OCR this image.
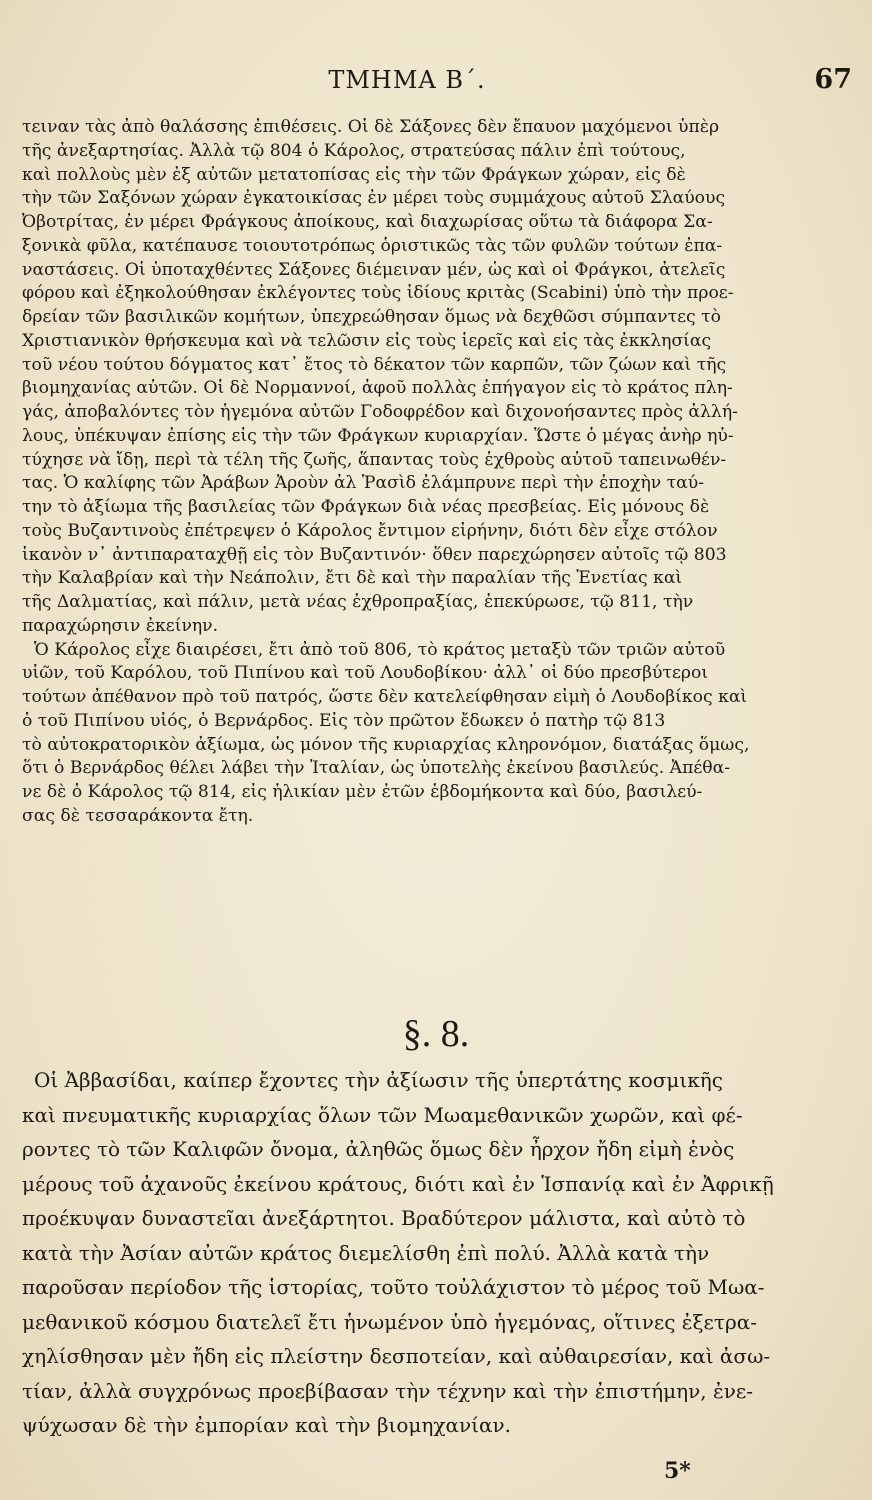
ΤΜΗΜΑ Β΄.	67

τειναν τὰς ἀπὸ θαλάσσης ἐπιθέσεις. Οἱ δὲ Σάξονες δὲν ἔπαυον μαχόμενοι ὑπὲρ

τῆς ἀνεξαρτησίας. Ἀλλὰ τῷ 804 ὁ Κάρολος, στρατεύσας πάλιν ἐπὶ τούτους,

καὶ πολλοὺς μὲν ἐξ αὐτῶν μετατοπίσας εἰς τὴν τῶν Φράγκων χώραν, εἰς δὲ

τὴν τῶν Σαξόνων χώραν ἐγκατοικίσας ἐν μέρει τοὺς συμμάχους αὐτοῦ Σλαύους

Ὀβοτρίτας, ἐν μέρει Φράγκους ἀποίκους, καὶ διαχωρίσας οὕτω τὰ διάφορα Σα-

ξονικὰ φῦλα, κατέπαυσε τοιουτοτρόπως ὁριστικῶς τὰς τῶν φυλῶν τούτων ἐπα-

ναστάσεις. Οἱ ὑποταχθέντες Σάξονες διέμειναν μέν, ὡς καὶ οἱ Φράγκοι, ἀτελεῖς

φόρου καὶ ἐξηκολούθησαν ἐκλέγοντες τοὺς ἰδίους κριτὰς (Scabini) ὑπὸ τὴν προε-

δρείαν τῶν βασιλικῶν κομήτων, ὑπεχρεώθησαν ὅμως νὰ δεχθῶσι σύμπαντες τὸ

Χριστιανικὸν θρήσκευμα καὶ νὰ τελῶσιν εἰς τοὺς ἱερεῖς καὶ εἰς τὰς ἐκκλησίας

τοῦ νέου τούτου δόγματος κατ᾽ ἔτος τὸ δέκατον τῶν καρπῶν, τῶν ζώων καὶ τῆς

βιομηχανίας αὐτῶν. Οἱ δὲ Νορμαννοί, ἀφοῦ πολλὰς ἐπήγαγον εἰς τὸ κράτος πλη-

γάς, ἀποβαλόντες τὸν ἡγεμόνα αὐτῶν Γοδοφρέδον καὶ διχονοήσαντες πρὸς ἀλλή-

λους, ὑπέκυψαν ἐπίσης εἰς τὴν τῶν Φράγκων κυριαρχίαν. Ὥστε ὁ μέγας ἀνὴρ ηὐ-

τύχησε νὰ ἴδῃ, περὶ τὰ τέλη τῆς ζωῆς, ἅπαντας τοὺς ἐχθροὺς αὐτοῦ ταπεινωθέν-

τας. Ὁ καλίφης τῶν Ἀράβων Ἀροὺν ἀλ Ῥασὶδ ἐλάμπρυνε περὶ τὴν ἐποχὴν ταύ-

την τὸ ἀξίωμα τῆς βασιλείας τῶν Φράγκων διὰ νέας πρεσβείας. Εἰς μόνους δὲ

τοὺς Βυζαντινοὺς ἐπέτρεψεν ὁ Κάρολος ἔντιμον εἰρήνην, διότι δὲν εἶχε στόλον

ἱκανὸν ν᾽ ἀντιπαραταχθῇ εἰς τὸν Βυζαντινόν· ὅθεν παρεχώρησεν αὐτοῖς τῷ 803

τὴν Καλαβρίαν καὶ τὴν Νεάπολιν, ἔτι δὲ καὶ τὴν παραλίαν τῆς Ἑνετίας καὶ

τῆς Δαλματίας, καὶ πάλιν, μετὰ νέας ἐχθροπραξίας, ἐπεκύρωσε, τῷ 811, τὴν

παραχώρησιν ἐκείνην.

Ὁ Κάρολος εἶχε διαιρέσει, ἔτι ἀπὸ τοῦ 806, τὸ κράτος μεταξὺ τῶν τριῶν αὐτοῦ

υἱῶν, τοῦ Καρόλου, τοῦ Πιπίνου καὶ τοῦ Λουδοβίκου· ἀλλ᾽ οἱ δύο πρεσβύτεροι

τούτων ἀπέθανον πρὸ τοῦ πατρός, ὥστε δὲν κατελείφθησαν εἰμὴ ὁ Λουδοβίκος καὶ

ὁ τοῦ Πιπίνου υἱός, ὁ Βερνάρδος. Εἰς τὸν πρῶτον ἔδωκεν ὁ πατὴρ τῷ 813

τὸ αὐτοκρατορικὸν ἀξίωμα, ὡς μόνον τῆς κυριαρχίας κληρονόμον, διατάξας ὅμως,

ὅτι ὁ Βερνάρδος θέλει λάβει τὴν Ἰταλίαν, ὡς ὑποτελὴς ἐκείνου βασιλεύς. Ἀπέθα-

νε δὲ ὁ Κάρολος τῷ 814, εἰς ἡλικίαν μὲν ἐτῶν ἑβδομήκοντα καὶ δύο, βασιλεύ-

σας δὲ τεσσαράκοντα ἔτη.

§. 8.

Οἱ Ἀββασίδαι, καίπερ ἔχοντες τὴν ἀξίωσιν τῆς ὑπερτάτης κοσμικῆς

καὶ πνευματικῆς κυριαρχίας ὅλων τῶν Μωαμεθανικῶν χωρῶν, καὶ φέ-

ροντες τὸ τῶν Καλιφῶν ὄνομα, ἀληθῶς ὅμως δὲν ἦρχον ἤδη εἰμὴ ἑνὸς

μέρους τοῦ ἀχανοῦς ἐκείνου κράτους, διότι καὶ ἐν Ἱσπανίᾳ καὶ ἐν Ἀφρικῇ

προέκυψαν δυναστεῖαι ἀνεξάρτητοι. Βραδύτερον μάλιστα, καὶ αὐτὸ τὸ

κατὰ τὴν Ἀσίαν αὐτῶν κράτος διεμελίσθη ἐπὶ πολύ. Ἀλλὰ κατὰ τὴν

παροῦσαν περίοδον τῆς ἱστορίας, τοῦτο τοὐλάχιστον τὸ μέρος τοῦ Μωα-

μεθανικοῦ κόσμου διατελεῖ ἔτι ἡνωμένον ὑπὸ ἡγεμόνας, οἵτινες ἐξετρα-

χηλίσθησαν μὲν ἤδη εἰς πλείστην δεσποτείαν, καὶ αὐθαιρεσίαν, καὶ ἀσω-

τίαν, ἀλλὰ συγχρόνως προεβίβασαν τὴν τέχνην καὶ τὴν ἐπιστήμην, ἐνε-

ψύχωσαν δὲ τὴν ἐμπορίαν καὶ τὴν βιομηχανίαν.

5*
